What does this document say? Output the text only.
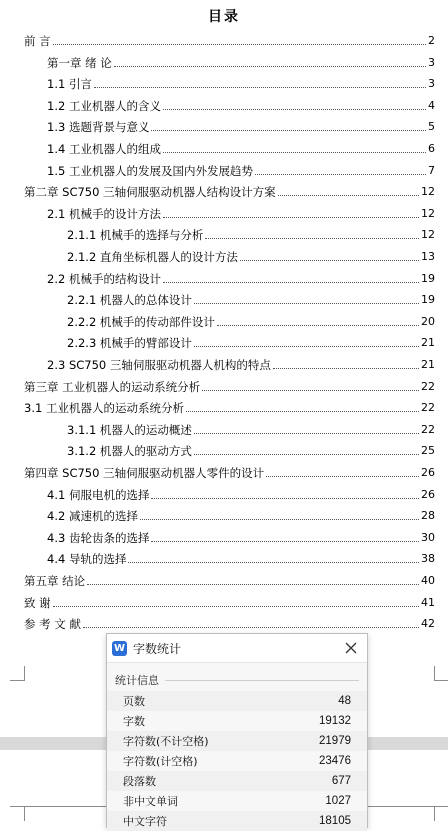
目录
前 言	2
第一章 绪 论	3
1.1 引言	3
1.2 工业机器人的含义	4
1.3 选题背景与意义	5
1.4 工业机器人的组成	6
1.5 工业机器人的发展及国内外发展趋势	7
第二章 SC750 三轴伺服驱动机器人结构设计方案	12
2.1 机械手的设计方法	12
2.1.1 机械手的选择与分析	12
2.1.2 直角坐标机器人的设计方法	13
2.2 机械手的结构设计	19
2.2.1 机器人的总体设计	19
2.2.2 机械手的传动部件设计	20
2.2.3 机械手的臂部设计	21
2.3 SC750 三轴伺服驱动机器人机构的特点	21
第三章 工业机器人的运动系统分析	22
3.1 工业机器人的运动系统分析	22
3.1.1 机器人的运动概述	22
3.1.2 机器人的驱动方式	25
第四章 SC750 三轴伺服驱动机器人零件的设计	26
4.1 伺服电机的选择	26
4.2 减速机的选择	28
4.3 齿轮齿条的选择	30
4.4 导轨的选择	38
第五章 结论	40
致 谢	41
参 考 文 献	42
W 字数统计
统计信息
页数	48
字数	19132
字符数(不计空格)	21979
字符数(计空格)	23476
段落数	677
非中文单词	1027
中文字符	18105
